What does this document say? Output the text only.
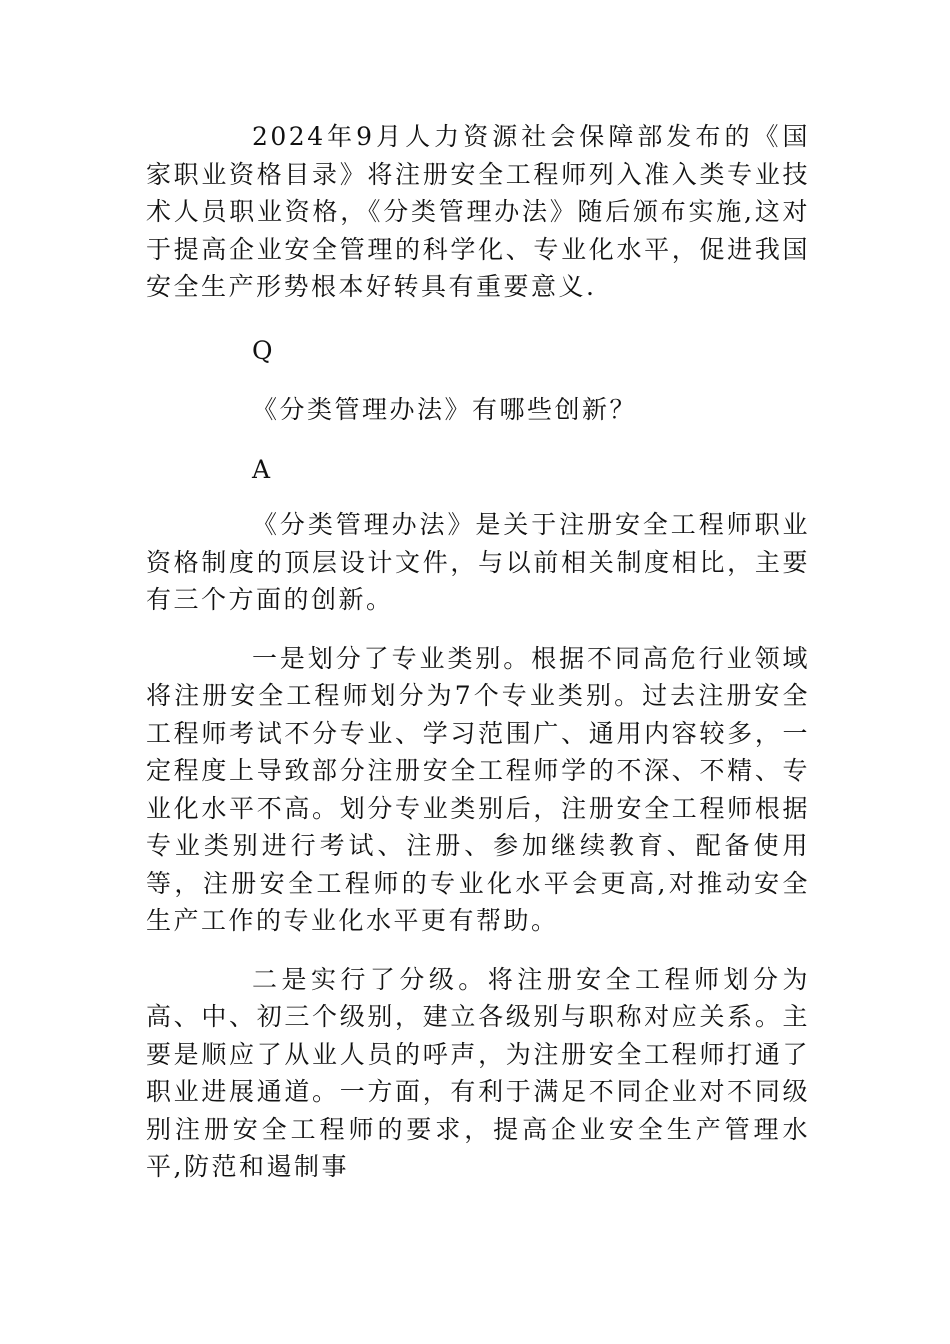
2024年9月人力资源社会保障部发布的《国家职业资格目录》将注册安全工程师列入准入类专业技术人员职业资格，《分类管理办法》随后颁布实施,这对于提高企业安全管理的科学化、专业化水平，促进我国安全生产形势根本好转具有重要意义.

Q

《分类管理办法》有哪些创新？

A

《分类管理办法》是关于注册安全工程师职业资格制度的顶层设计文件，与以前相关制度相比，主要有三个方面的创新。

一是划分了专业类别。根据不同高危行业领域将注册安全工程师划分为7个专业类别。过去注册安全工程师考试不分专业、学习范围广、通用内容较多，一定程度上导致部分注册安全工程师学的不深、不精、专业化水平不高。划分专业类别后，注册安全工程师根据专业类别进行考试、注册、参加继续教育、配备使用等，注册安全工程师的专业化水平会更高,对推动安全生产工作的专业化水平更有帮助。

二是实行了分级。将注册安全工程师划分为高、中、初三个级别，建立各级别与职称对应关系。主要是顺应了从业人员的呼声，为注册安全工程师打通了职业进展通道。一方面，有利于满足不同企业对不同级别注册安全工程师的要求，提高企业安全生产管理水平,防范和遏制事
